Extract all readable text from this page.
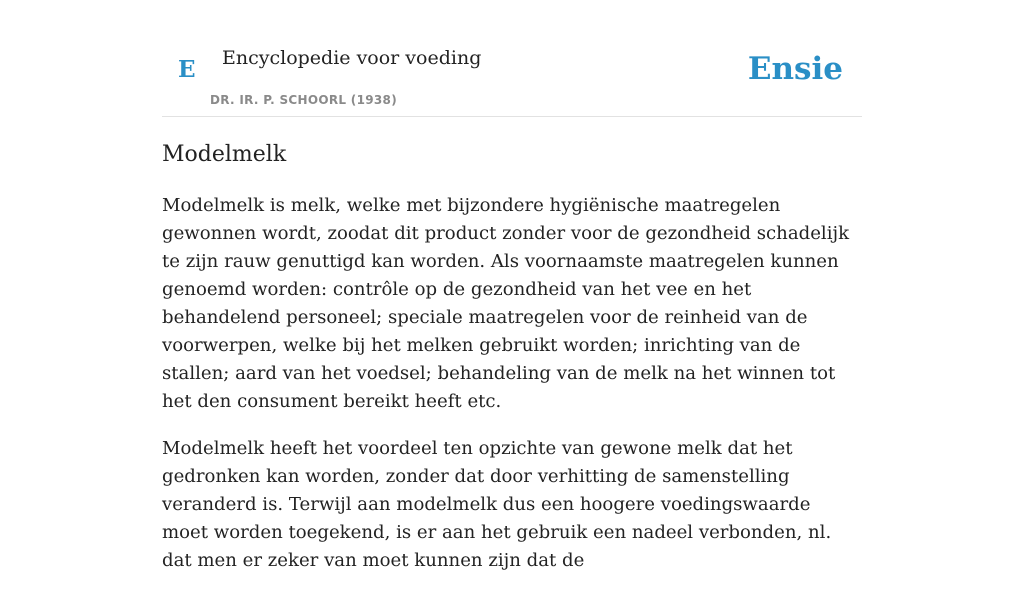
E Encyclopedie voor voeding
DR. IR. P. SCHOORL (1938)
Ensie
Modelmelk

Modelmelk is melk, welke met bijzondere hygiënische maatregelen gewonnen wordt, zoodat dit product zonder voor de gezondheid schadelijk te zijn rauw genuttigd kan worden. Als voornaamste maatregelen kunnen genoemd worden: contrôle op de gezondheid van het vee en het behandelend personeel; speciale maatregelen voor de reinheid van de voorwerpen, welke bij het melken gebruikt worden; inrichting van de stallen; aard van het voedsel; behandeling van de melk na het winnen tot het den consument bereikt heeft etc.

Modelmelk heeft het voordeel ten opzichte van gewone melk dat het gedronken kan worden, zonder dat door verhitting de samenstelling veranderd is. Terwijl aan modelmelk dus een hoogere voedingswaarde moet worden toegekend, is er aan het gebruik een nadeel verbonden, nl. dat men er zeker van moet kunnen zijn dat de
